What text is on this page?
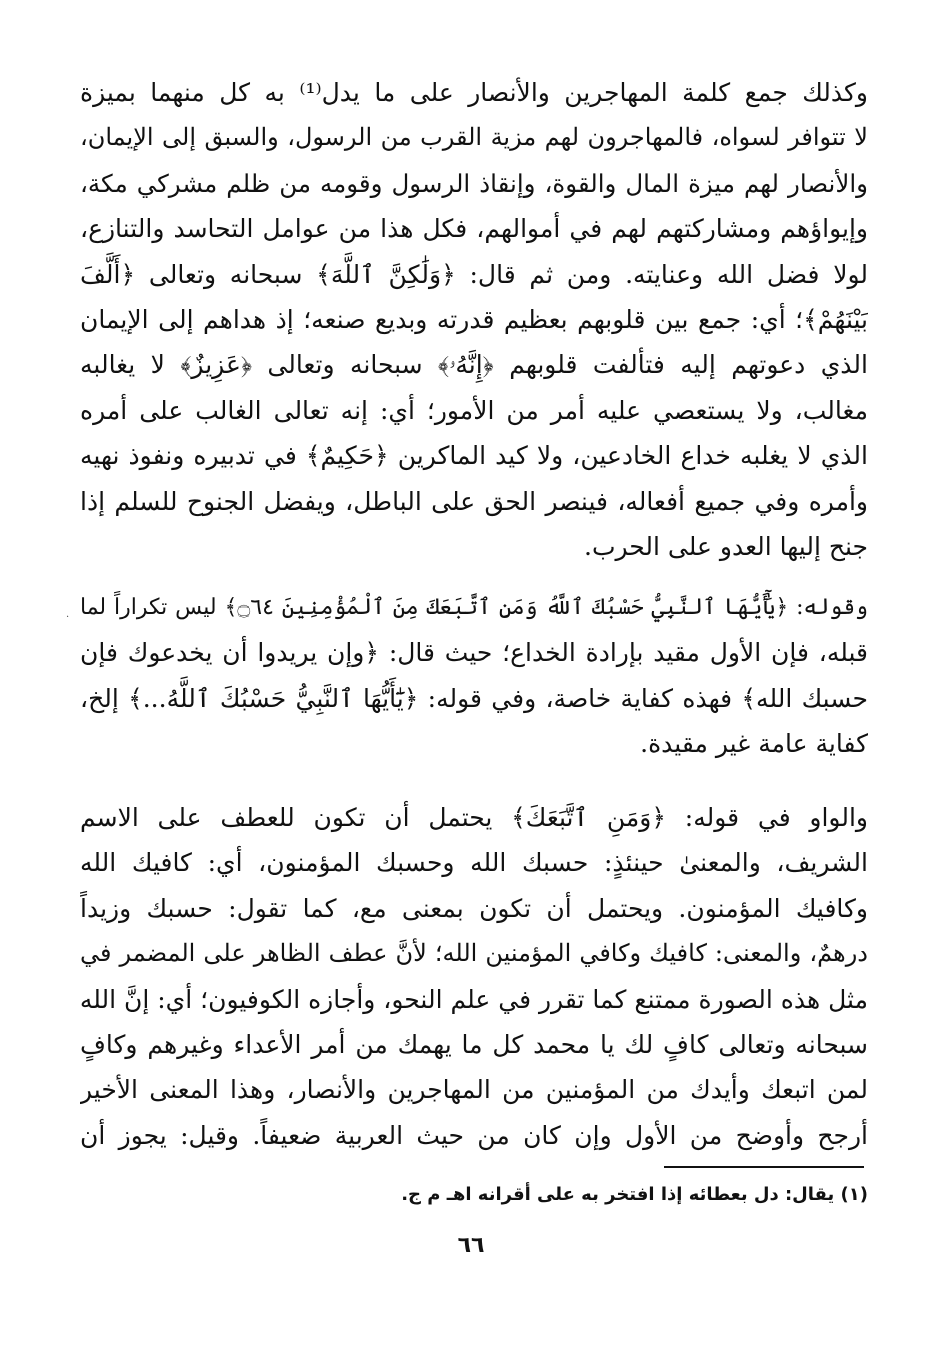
وكذلك جمع كلمة المهاجرين والأنصار على ما يدل⁽¹⁾ به كل منهما بميزة
لا تتوافر لسواه، فالمهاجرون لهم مزية القرب من الرسول، والسبق إلى الإيمان،
والأنصار لهم ميزة المال والقوة، وإنقاذ الرسول وقومه من ظلم مشركي مكة،
وإيواؤهم ومشاركتهم لهم في أموالهم، فكل هذا من عوامل التحاسد والتنازع،
لولا فضل الله وعنايته. ومن ثم قال: ﴿وَلَٰكِنَّ ٱللَّهَ﴾ سبحانه وتعالى ﴿أَلَّفَ
بَيْنَهُمْ﴾؛ أي: جمع بين قلوبهم بعظيم قدرته وبديع صنعه؛ إذ هداهم إلى الإيمان
الذي دعوتهم إليه فتألفت قلوبهم ﴿إِنَّهُۥ﴾ سبحانه وتعالى ﴿عَزِيزٌ﴾ لا يغالبه
مغالب، ولا يستعصي عليه أمر من الأمور؛ أي: إنه تعالى الغالب على أمره
الذي لا يغلبه خداع الخادعين، ولا كيد الماكرين ﴿حَكِيمٌ﴾ في تدبيره ونفوذ نهيه
وأمره وفي جميع أفعاله، فينصر الحق على الباطل، ويفضل الجنوح للسلم إذا
جنح إليها العدو على الحرب.
· وقوله: ﴿يَٰٓأَيُّهَا ٱلنَّبِيُّ حَسْبُكَ ٱللَّهُ وَمَنِ ٱتَّبَعَكَ مِنَ ٱلْمُؤْمِنِينَ ۝٦٤﴾ ليس تكراراً لما
قبله، فإن الأول مقيد بإرادة الخداع؛ حيث قال: ﴿وإن يريدوا أن يخدعوك فإن
حسبك الله﴾ فهذه كفاية خاصة، وفي قوله: ﴿يَٰٓأَيُّهَا ٱلنَّبِيُّ حَسْبُكَ ٱللَّهُ...﴾ إلخ،
كفاية عامة غير مقيدة.
والواو في قوله: ﴿وَمَنِ ٱتَّبَعَكَ﴾ يحتمل أن تكون للعطف على الاسم
الشريف، والمعنىٰ حينئذٍ: حسبك الله وحسبك المؤمنون، أي: كافيك الله
وكافيك المؤمنون. ويحتمل أن تكون بمعنى مع، كما تقول: حسبك وزيداً
درهمٌ، والمعنى: كافيك وكافي المؤمنين الله؛ لأنَّ عطف الظاهر على المضمر في
مثل هذه الصورة ممتنع كما تقرر في علم النحو، وأجازه الكوفيون؛ أي: إنَّ الله
سبحانه وتعالى كافٍ لك يا محمد كل ما يهمك من أمر الأعداء وغيرهم وكافٍ
لمن اتبعك وأيدك من المؤمنين من المهاجرين والأنصار، وهذا المعنى الأخير
أرجح وأوضح من الأول وإن كان من حيث العربية ضعيفاً. وقيل: يجوز أن
(١) يقال: دل بعطائه إذا افتخر به على أقرانه اهـ م ج.
٦٦
